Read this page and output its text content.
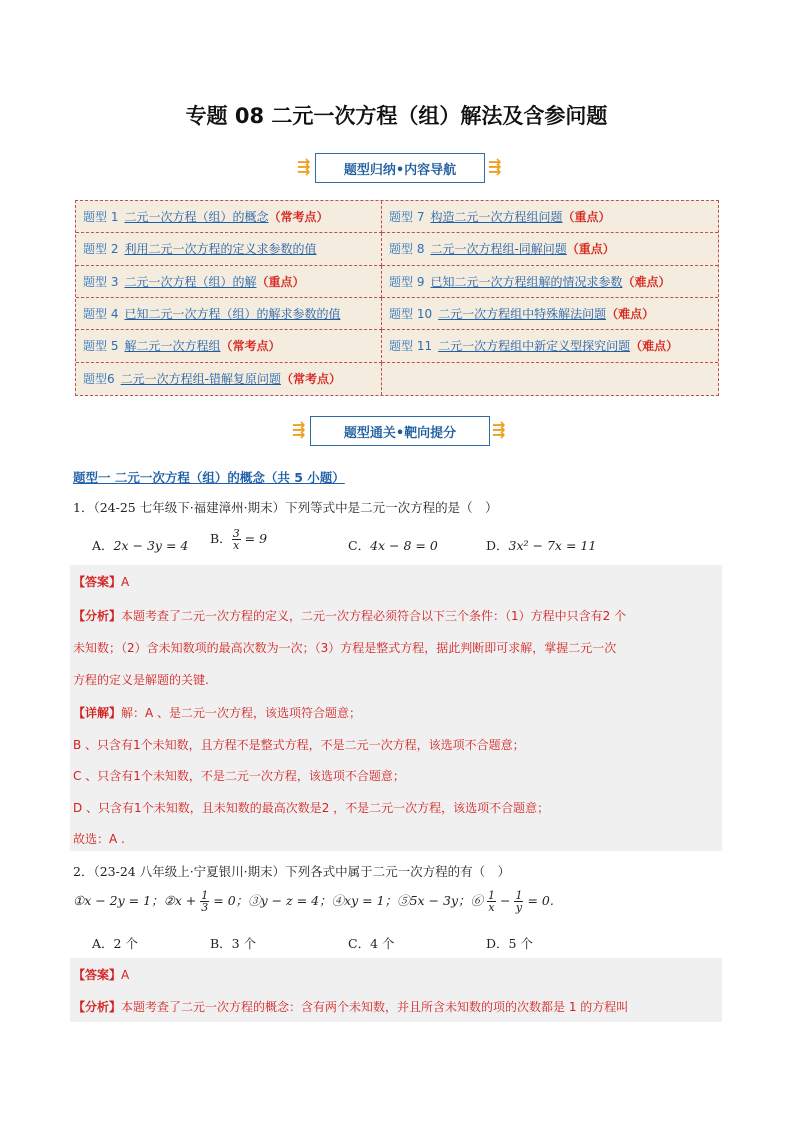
专题 08 二元一次方程（组）解法及含参问题
⇶	题型归纳•内容导航 ⇶
题型 1 二元一次方程（组）的概念 （常考点）	题型 7 构造二元一次方程组问题 （重点）
题型 2 利用二元一次方程的定义求参数的值	题型 8 二元一次方程组-同解问题 （重点）
题型 3 二元一次方程（组）的解 （重点）	题型 9 已知二元一次方程组解的情况求参数 （难点）
题型 4 已知二元一次方程（组）的解求参数的值	题型 10 二元一次方程组中特殊解法问题 （难点）
题型 5 解二元一次方程组 （常考点）	题型 11 二元一次方程组中新定义型探究问题 （难点）
题型6 二元一次方程组-错解复原问题 （常考点）
⇶	题型通关•靶向提分 ⇶
题型一 二元一次方程（组）的概念（共 5 小题）
1．（24-25 七年级下·福建漳州·期末）下列等式中是二元一次方程的是（　）
A．2x − 3y = 4 B． $\frac{3}{x} = 9$	C．4x − 8 = 0	D．3x² − 7x = 11
【答案】A
【分析】本题考查了二元一次方程的定义，二元一次方程必须符合以下三个条件：（1）方程中只含有2 个
未知数；（2）含未知数项的最高次数为一次；（3）方程是整式方程，据此判断即可求解，掌握二元一次
方程的定义是解题的关键.
【详解】解：A 、是二元一次方程，该选项符合题意；
B 、只含有1个未知数，且方程不是整式方程，不是二元一次方程，该选项不合题意；
C 、只含有1个未知数，不是二元一次方程，该选项不合题意；
D 、只含有1个未知数，且未知数的最高次数是2 ，不是二元一次方程，该选项不合题意；
故选：A .
2．（23-24 八年级上·宁夏银川·期末）下列各式中属于二元一次方程的有（　）
①x − 2y = 1；②x + $\frac{1}{3} = 0$；③y − z = 4；④xy = 1；⑤5x − 3y；⑥ $\frac{1}{x} - \frac{1}{y} = 0$.
A．2 个	B．3 个	C．4 个	D．5 个
【答案】A
【分析】本题考查了二元一次方程的概念：含有两个未知数，并且所含未知数的项的次数都是 1 的方程叫
